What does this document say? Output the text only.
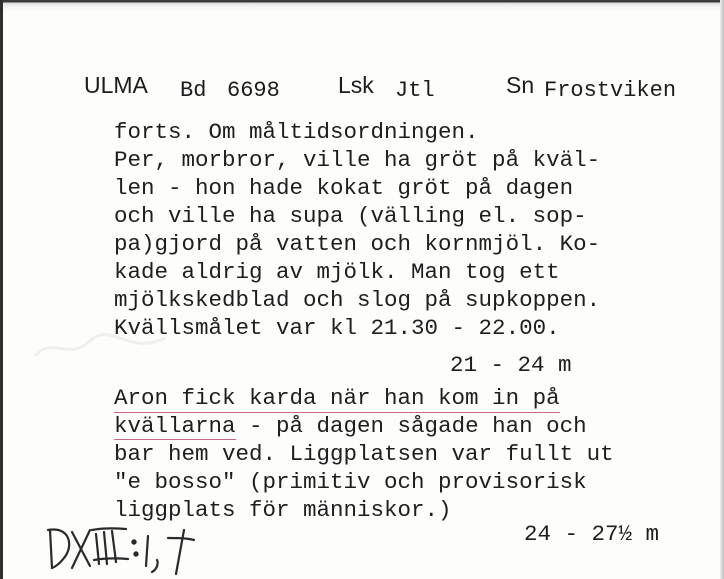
ULMA Bd 6698	Lsk Jtl	Sn Frostviken
forts. Om måltidsordningen.
Per, morbror, ville ha gröt på kväl-
len - hon hade kokat gröt på dagen
och ville ha supa (välling el. sop-
pa)gjord på vatten och kornmjöl. Ko-
kade aldrig av mjölk. Man tog ett
mjölkskedblad och slog på supkoppen.
Kvällsmålet var kl 21.30 - 22.00.
Aron fick karda när han kom in på
kvällarna - på dagen sågade han och
bar hem ved. Liggplatsen var fullt ut
"e bosso" (primitiv och provisorisk
liggplats för människor.)
21 - 24 m
24 - 27½ m
